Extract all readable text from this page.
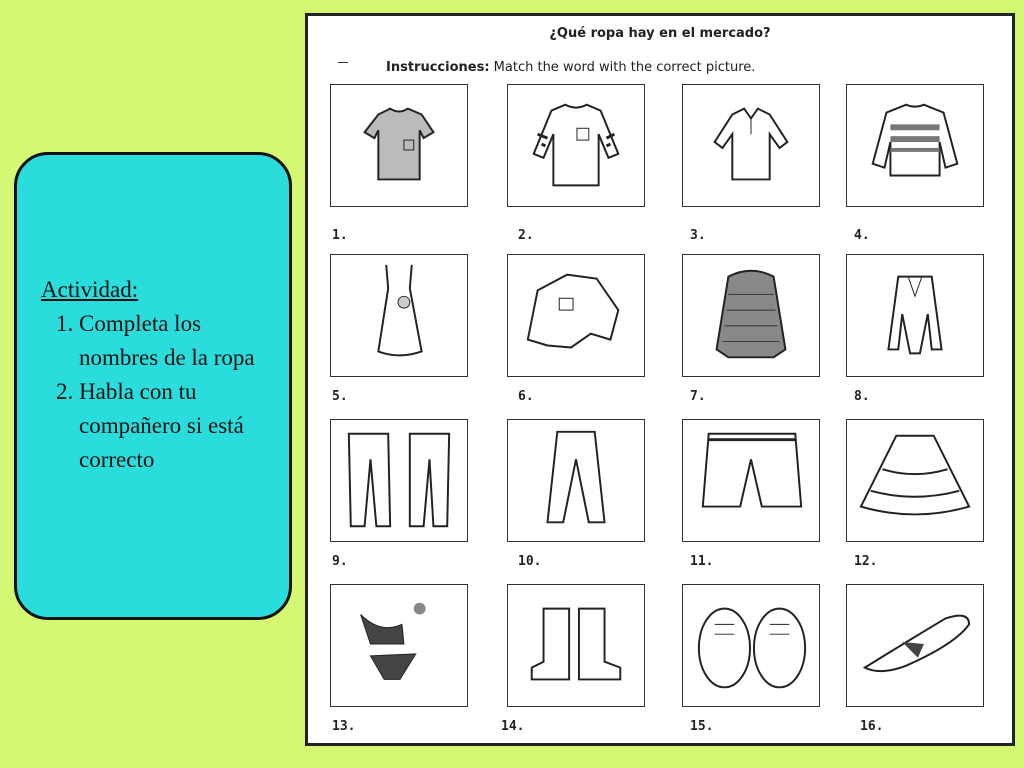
Actividad:
1. Completa los nombres de la ropa
2. Habla con tu compañero si está correcto
¿Qué ropa hay en el mercado?
Instrucciones: Match the word with the correct picture.
1.	2.	3.	4.
5.	6.	7.	8.
9.	10.	11.	12.
13.	14.	15.	16.
